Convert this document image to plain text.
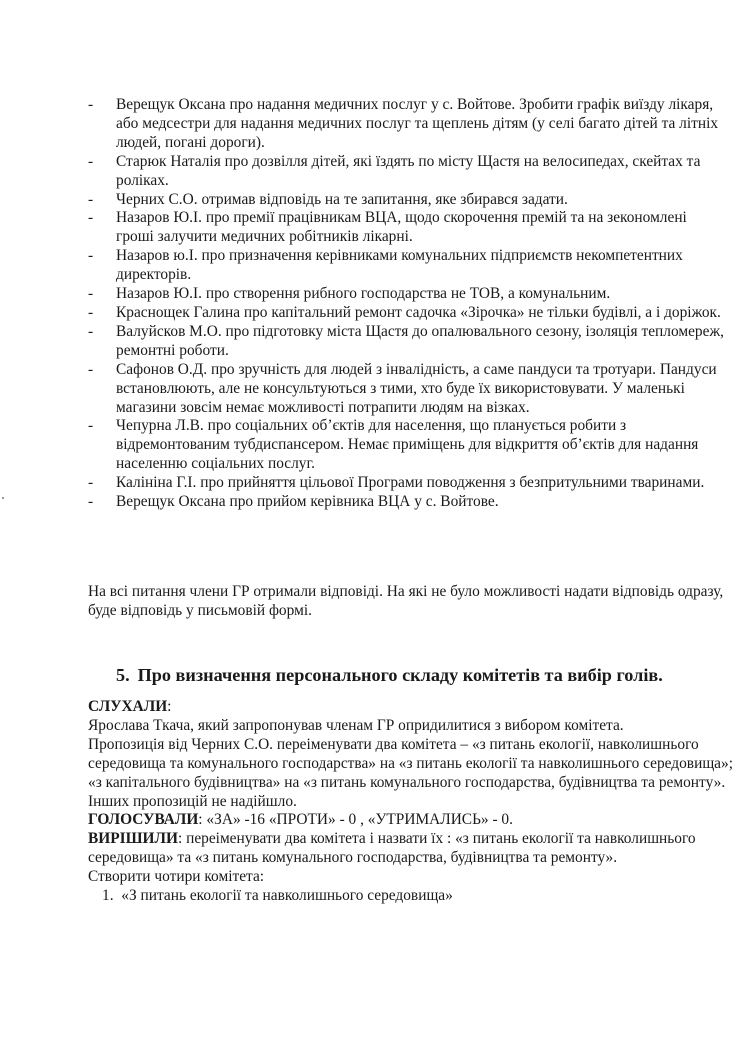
- Верещук Оксана про надання медичних послуг у с. Войтове. Зробити графік виїзду лікаря, або медсестри для надання медичних послуг та щеплень дітям (у селі багато дітей та літніх людей, погані дороги).
- Старюк Наталія про дозвілля дітей, які їздять по місту Щастя на велосипедах, скейтах та роліках.
- Черних С.О. отримав відповідь на те запитання, яке збирався задати.
- Назаров Ю.І. про премії працівникам ВЦА, щодо скорочення премій та на зекономлені гроші залучити медичних робітників лікарні.
- Назаров ю.І. про призначення керівниками комунальних підприємств некомпетентних директорів.
- Назаров Ю.І. про створення рибного господарства не ТОВ, а комунальним.
- Краснощек Галина про капітальний ремонт садочка «Зірочка» не тільки будівлі, а і доріжок.
- Валуйсков М.О. про підготовку міста Щастя до опалювального сезону, ізоляція тепломереж, ремонтні роботи.
- Сафонов О.Д. про зручність для людей з інвалідність, а саме пандуси та тротуари. Пандуси встановлюють, але не консультуються з тими, хто буде їх використовувати. У маленькі магазини зовсім немає можливості потрапити людям на візках.
- Чепурна Л.В. про соціальних об’єктів для населення, що планується робити з відремонтованим тубдиспансером. Немає приміщень для відкриття об’єктів для надання населенню соціальних послуг.
- Калініна Г.І. про прийняття цільової Програми поводження з безпритульними тваринами.
- Верещук Оксана про прийом керівника ВЦА у с. Войтове.

На всі питання члени ГР отримали відповіді. На які не було можливості надати відповідь одразу, буде відповідь у письмовій формі.

5. Про визначення персонального складу комітетів та вибір голів.

СЛУХАЛИ:

Ярослава Ткача, який запропонував членам ГР опридилитися з вибором комітета.

Пропозиція від Черних С.О. переіменувати два комітета – «з питань екології, навколишнього середовища та комунального господарства» на «з питань екології та навколишнього середовища»; «з капітального будівництва» на «з питань комунального господарства, будівництва та ремонту».

Інших пропозицій не надійшло.

ГОЛОСУВАЛИ: «ЗА» -16 «ПРОТИ» - 0 , «УТРИМАЛИСЬ» - 0.

ВИРІШИЛИ: переіменувати два комітета і назвати їх : «з питань екології та навколишнього середовища» та «з питань комунального господарства, будівництва та ремонту».

Створити чотири комітета:

1. «З питань екології та навколишнього середовища»
